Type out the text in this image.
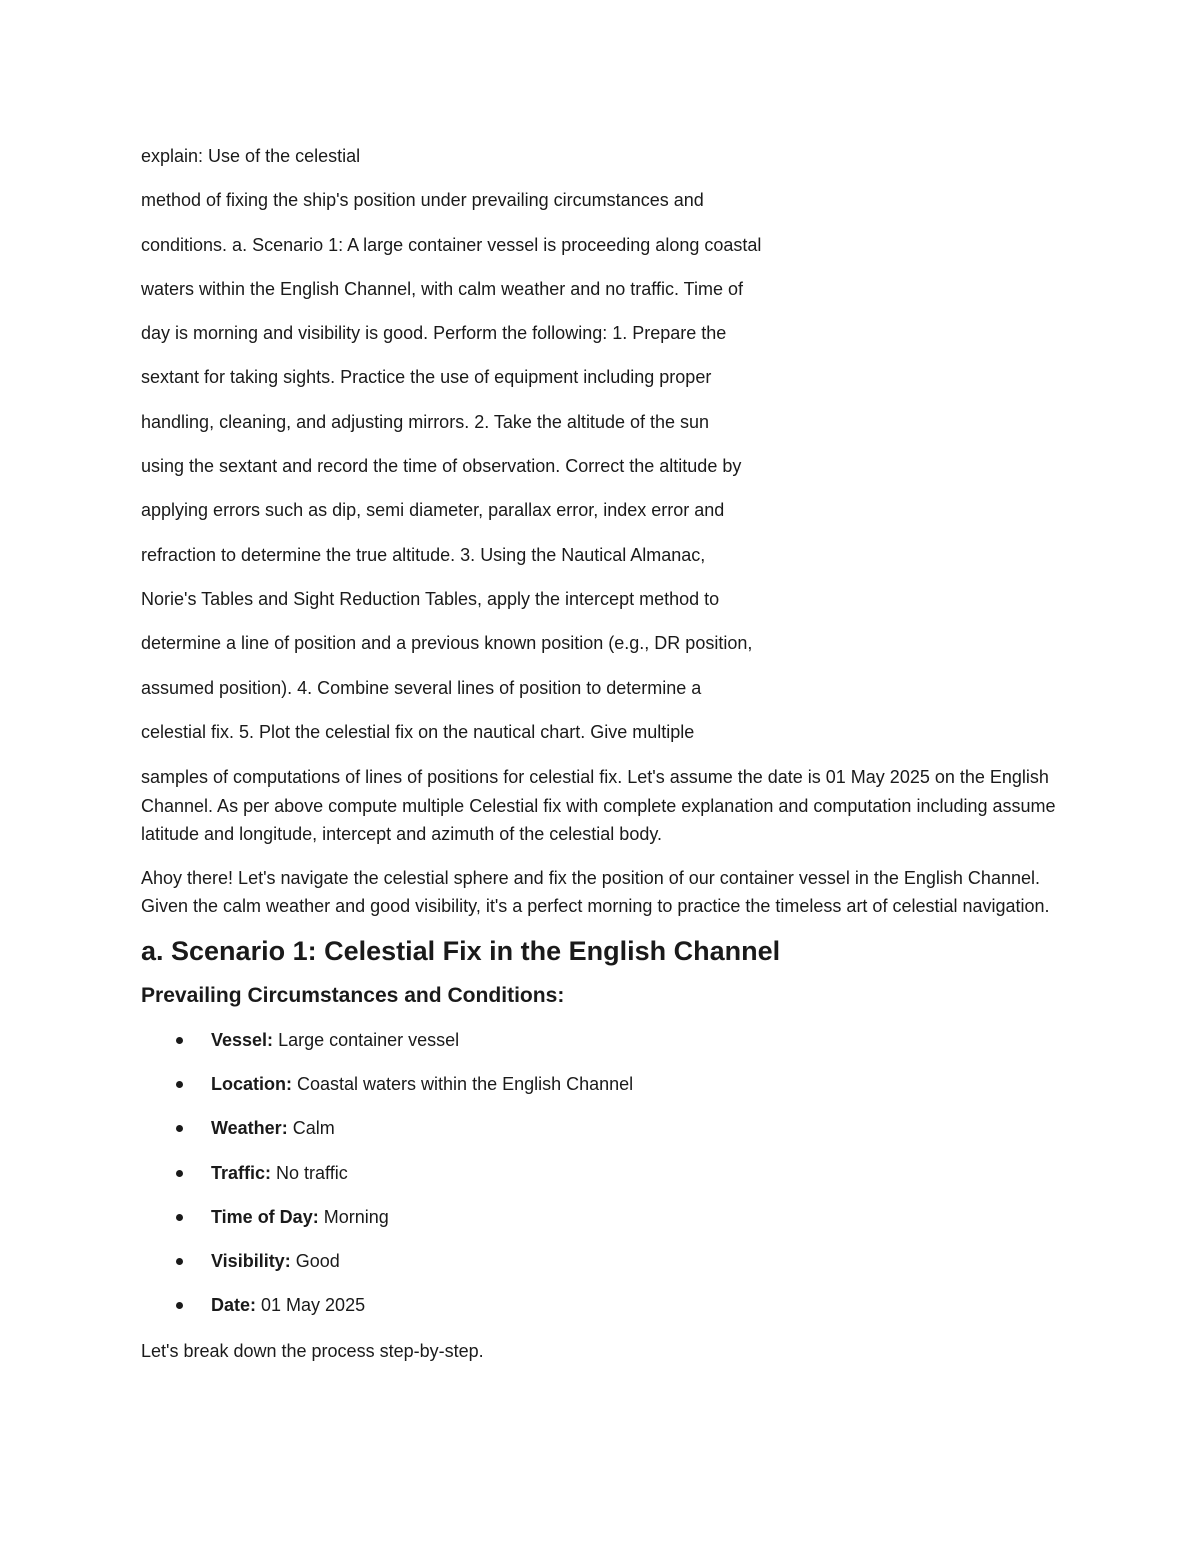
explain: Use of the celestial

method of fixing the ship's position under prevailing circumstances and

conditions. a. Scenario 1: A large container vessel is proceeding along coastal

waters within the English Channel, with calm weather and no traffic. Time of

day is morning and visibility is good. Perform the following: 1. Prepare the

sextant for taking sights. Practice the use of equipment including proper

handling, cleaning, and adjusting mirrors. 2. Take the altitude of the sun

using the sextant and record the time of observation. Correct the altitude by

applying errors such as dip, semi diameter, parallax error, index error and

refraction to determine the true altitude. 3. Using the Nautical Almanac,

Norie's Tables and Sight Reduction Tables, apply the intercept method to

determine a line of position and a previous known position (e.g., DR position,

assumed position). 4. Combine several lines of position to determine a

celestial fix. 5. Plot the celestial fix on the nautical chart. Give multiple

samples of computations of lines of positions for celestial fix. Let's assume the date is 01 May 2025 on the English Channel. As per above compute multiple Celestial fix with complete explanation and computation including assume latitude and longitude, intercept and azimuth of the celestial body.

Ahoy there! Let's navigate the celestial sphere and fix the position of our container vessel in the English Channel. Given the calm weather and good visibility, it's a perfect morning to practice the timeless art of celestial navigation.

a. Scenario 1: Celestial Fix in the English Channel
Prevailing Circumstances and Conditions:
Vessel: Large container vessel
Location: Coastal waters within the English Channel
Weather: Calm
Traffic: No traffic
Time of Day: Morning
Visibility: Good
Date: 01 May 2025

Let's break down the process step-by-step.
